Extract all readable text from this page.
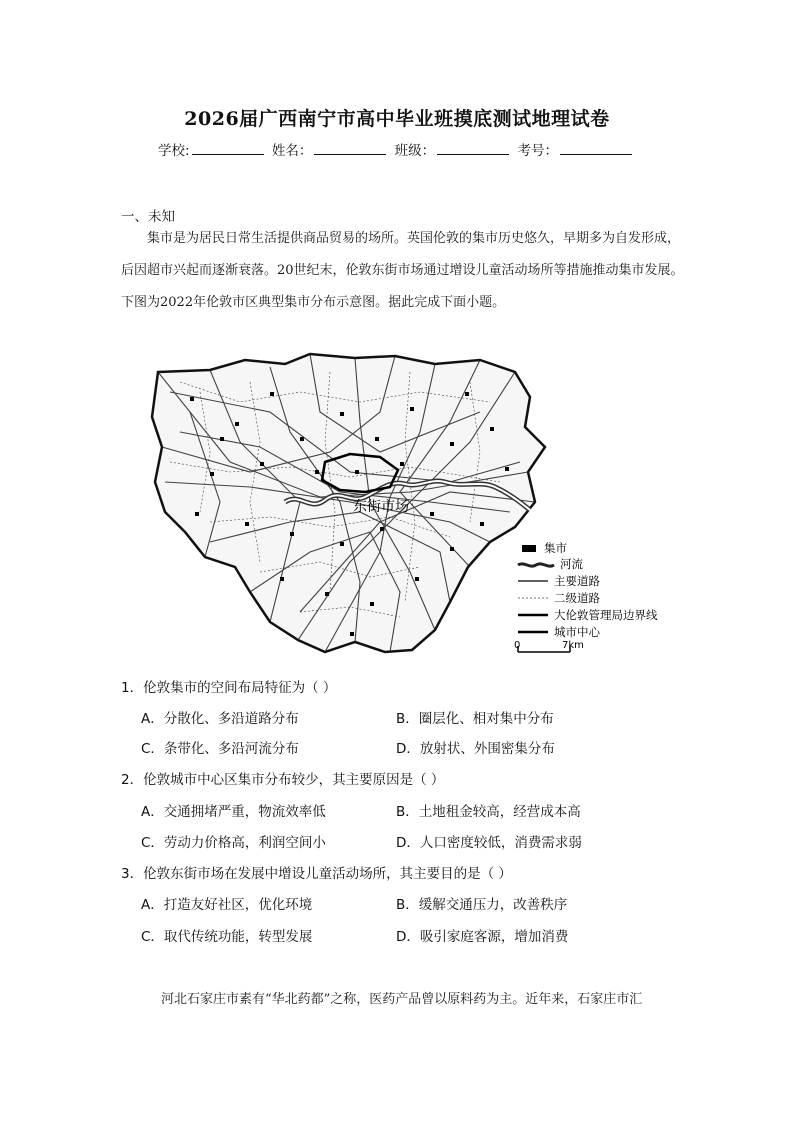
2026届广西南宁市高中毕业班摸底测试地理试卷
学校:	姓名：	班级：	考号：
一、未知
集市是为居民日常生活提供商品贸易的场所。英国伦敦的集市历史悠久，早期多为自发形成，后因超市兴起而逐渐衰落。20世纪末，伦敦东街市场通过增设儿童活动场所等措施推动集市发展。下图为2022年伦敦市区典型集市分布示意图。据此完成下面小题。
东街市场
集市
河流
主要道路
二级道路
大伦敦管理局边界线
城市中心
0	7km
1．伦敦集市的空间布局特征为（ ）
A．分散化、多沿道路分布	B．圈层化、相对集中分布
C．条带化、多沿河流分布	D．放射状、外围密集分布
2．伦敦城市中心区集市分布较少，其主要原因是（ ）
A．交通拥堵严重，物流效率低	B．土地租金较高，经营成本高
C．劳动力价格高，利润空间小	D．人口密度较低，消费需求弱
3．伦敦东街市场在发展中增设儿童活动场所，其主要目的是（ ）
A．打造友好社区，优化环境	B．缓解交通压力，改善秩序
C．取代传统功能，转型发展	D．吸引家庭客源，增加消费
河北石家庄市素有“华北药都”之称，医药产品曾以原料药为主。近年来，石家庄市汇
